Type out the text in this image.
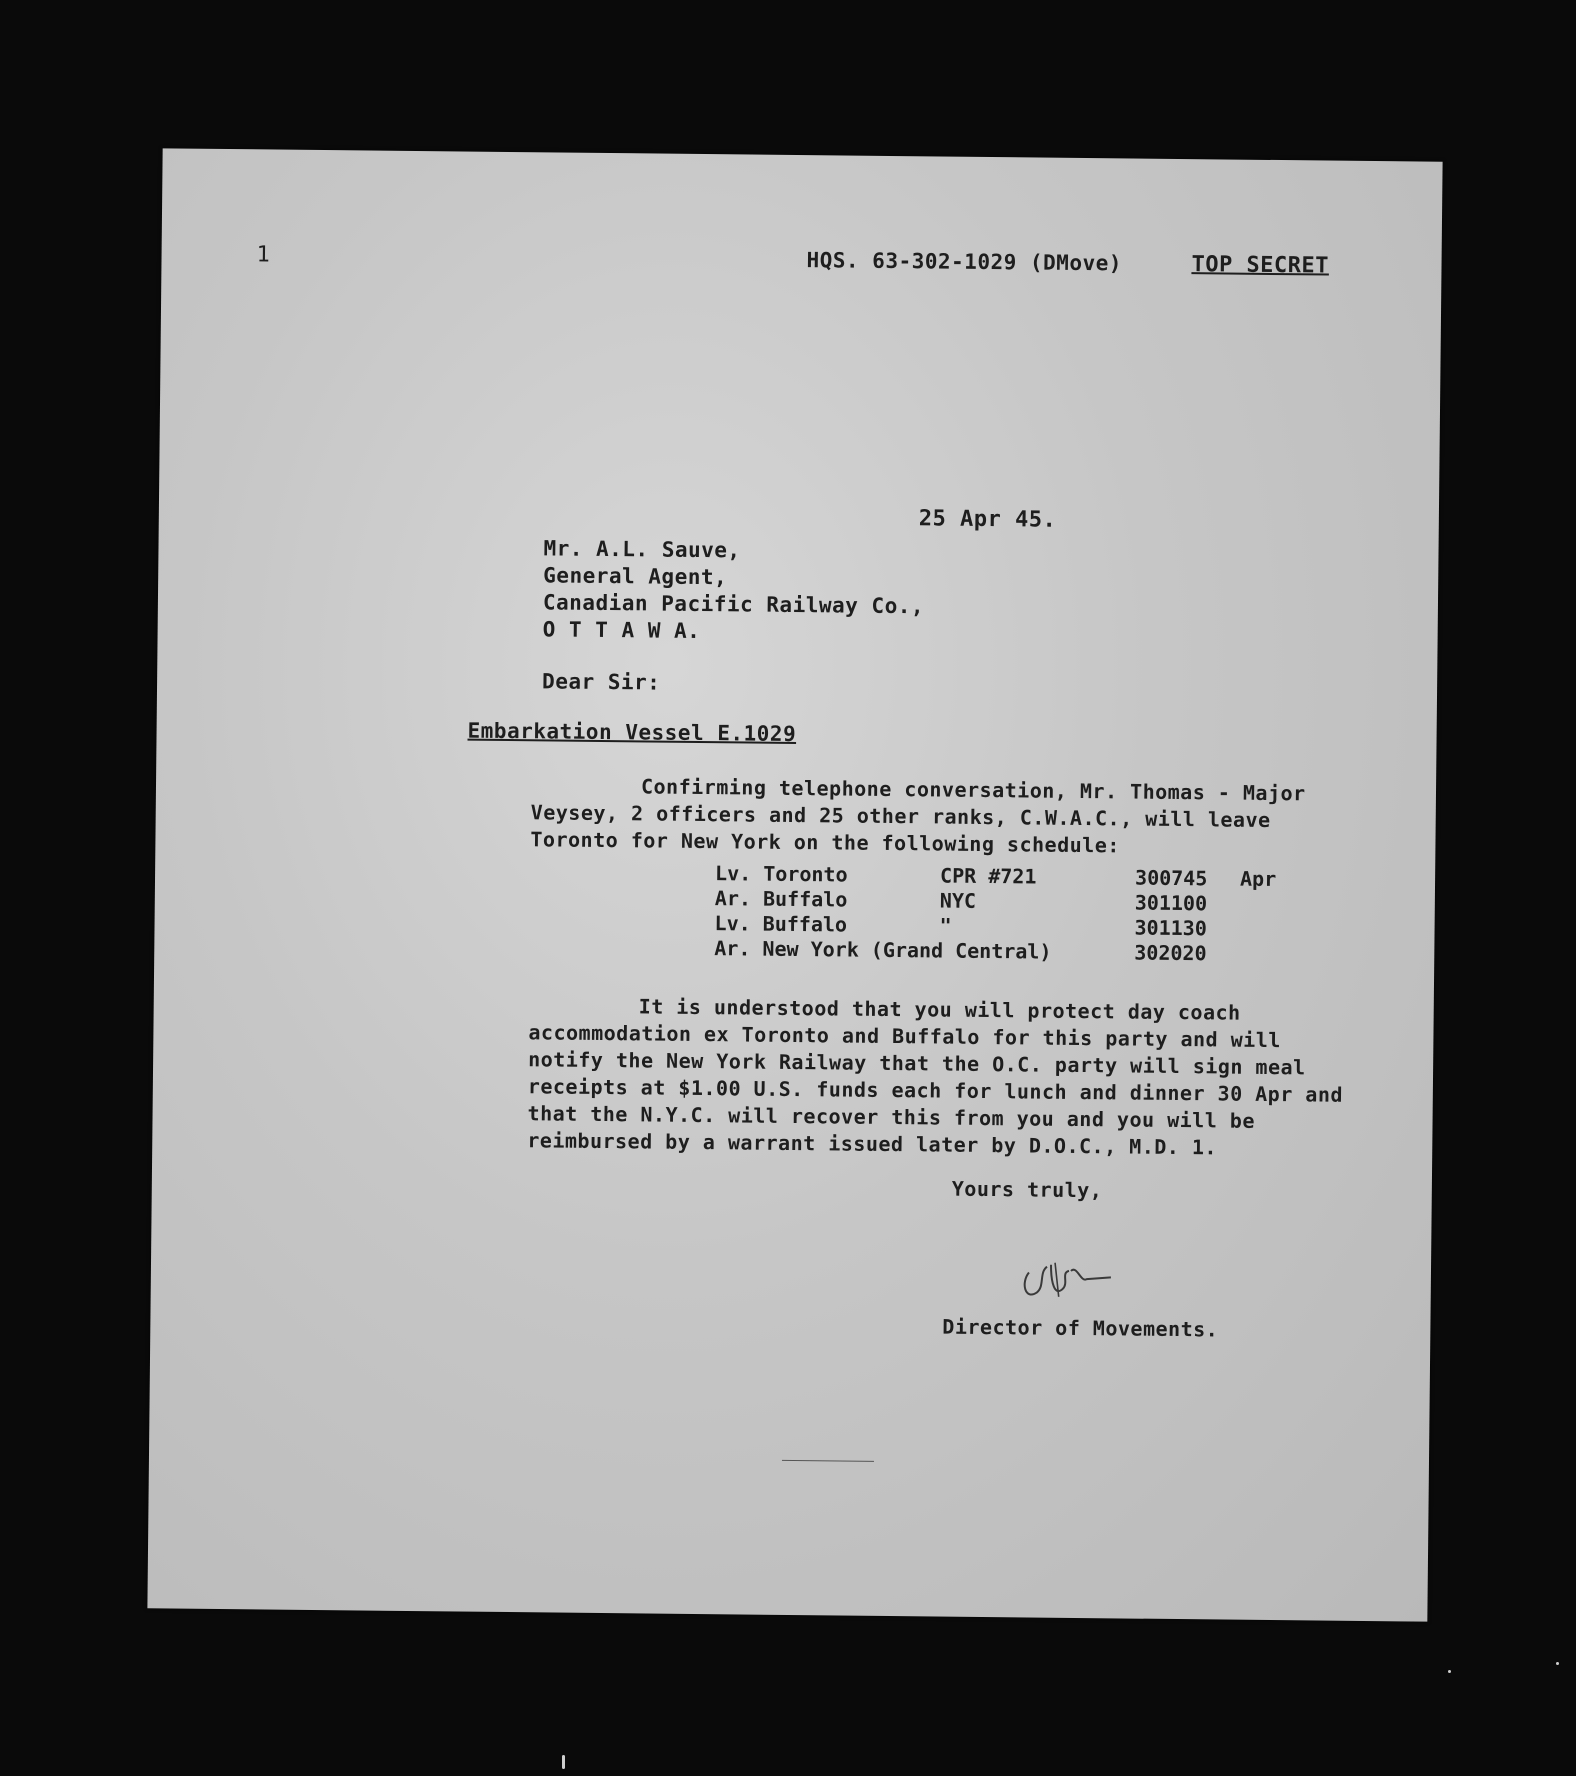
1	HQS. 63-302-1029 (DMove)	TOP SECRET
25 Apr 45.
Mr. A.L. Sauve,
General Agent,
Canadian Pacific Railway Co.,
O T T A W A.
Dear Sir:
Embarkation Vessel E.1029
Confirming telephone conversation, Mr. Thomas - Major Veysey, 2 officers and 25 other ranks, C.W.A.C., will leave Toronto for New York on the following schedule:
Lv. Toronto	CPR #721	300745 Apr
Ar. Buffalo	NYC	301100
Lv. Buffalo	"	301130
Ar. New York (Grand Central)	302020
It is understood that you will protect day coach accommodation ex Toronto and Buffalo for this party and will notify the New York Railway that the O.C. party will sign meal receipts at $1.00 U.S. funds each for lunch and dinner 30 Apr and that the N.Y.C. will recover this from you and you will be reimbursed by a warrant issued later by D.O.C., M.D. 1.
Yours truly,
Director of Movements.
